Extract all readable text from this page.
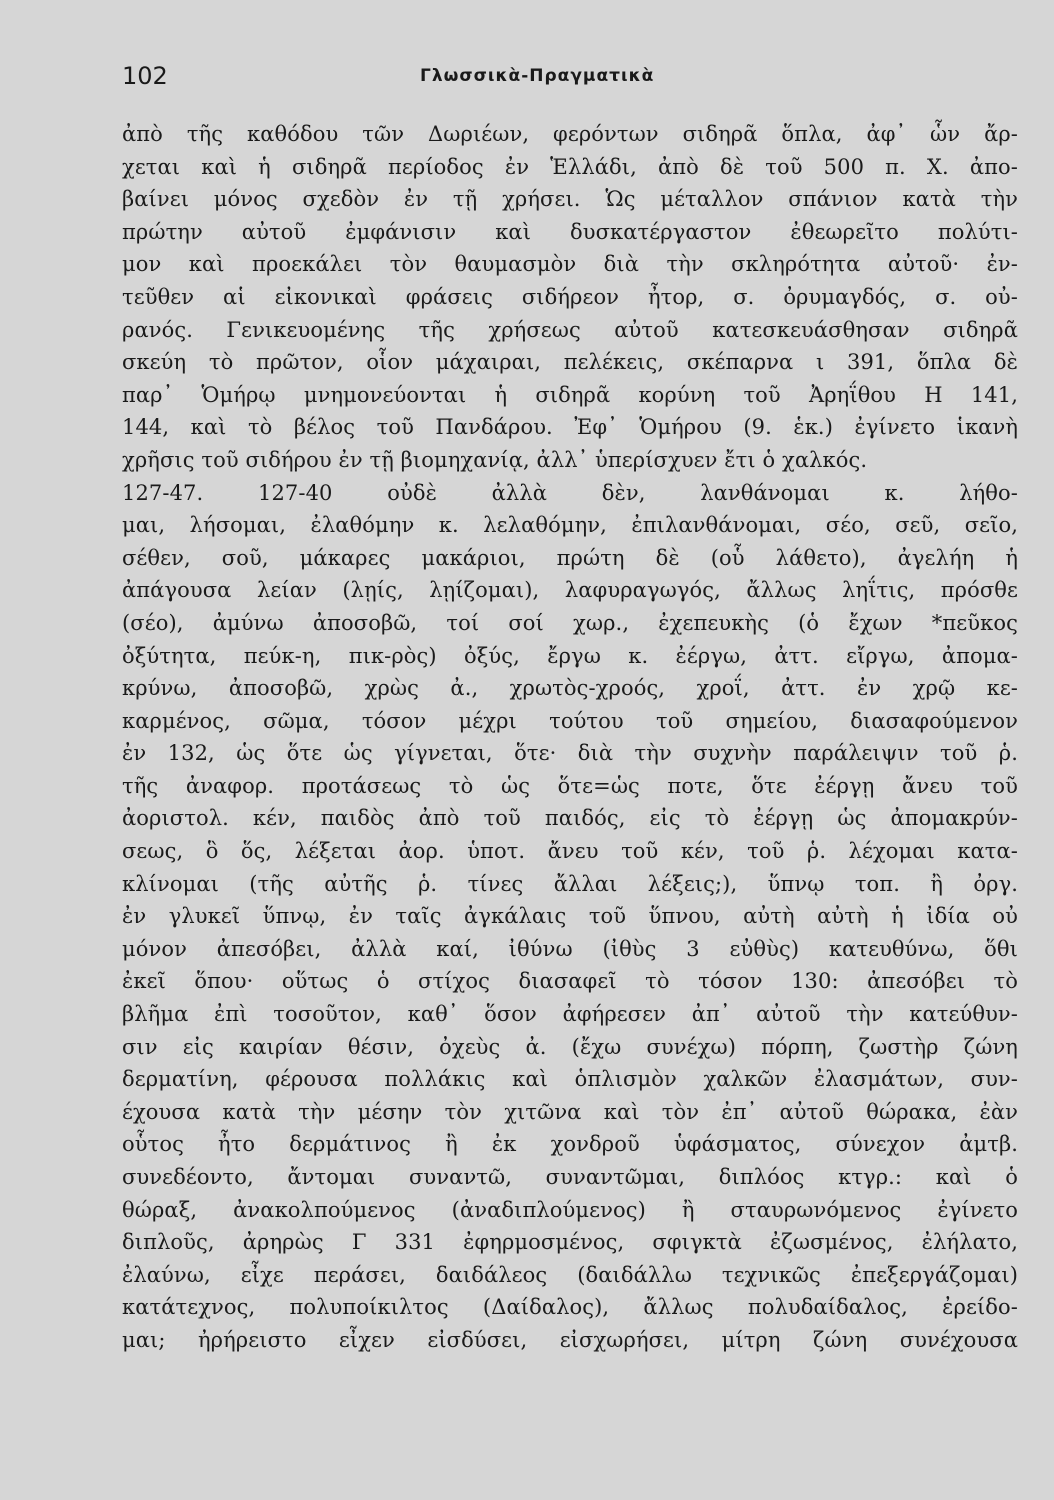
102	Γλωσσικὰ-Πραγματικὰ
ἀπὸ τῆς καθόδου τῶν Δωριέων, φερόντων σιδηρᾶ ὅπλα, ἀφ᾽ ὧν ἄρ-
χεται καὶ ἡ σιδηρᾶ περίοδος ἐν Ἑλλάδι, ἀπὸ δὲ τοῦ 500 π. Χ. ἀπο-
βαίνει μόνος σχεδὸν ἐν τῇ χρήσει. Ὡς μέταλλον σπάνιον κατὰ τὴν
πρώτην αὐτοῦ ἐμφάνισιν καὶ δυσκατέργαστον ἐθεωρεῖτο πολύτι-
μον καὶ προεκάλει τὸν θαυμασμὸν διὰ τὴν σκληρότητα αὐτοῦ· ἐν-
τεῦθεν αἱ εἰκονικαὶ φράσεις σιδήρεον ἦτορ, σ. ὀρυμαγδός, σ. οὐ-
ρανός. Γενικευομένης τῆς χρήσεως αὐτοῦ κατεσκευάσθησαν σιδηρᾶ
σκεύη τὸ πρῶτον, οἷον μάχαιραι, πελέκεις, σκέπαρνα ι 391, ὅπλα δὲ
παρ᾽ Ὁμήρῳ μνημονεύονται ἡ σιδηρᾶ κορύνη τοῦ Ἀρηΐθου Η 141,
144, καὶ τὸ βέλος τοῦ Πανδάρου. Ἐφ᾽ Ὁμήρου (9. ἑκ.) ἐγίνετο ἱκανὴ
χρῆσις τοῦ σιδήρου ἐν τῇ βιομηχανίᾳ, ἀλλ᾽ ὑπερίσχυεν ἔτι ὁ χαλκός.
127-47. 127-40 οὐδὲ ἀλλὰ δὲν, λανθάνομαι κ. λήθο-
μαι, λήσομαι, ἐλαθόμην κ. λελαθόμην, ἐπιλανθάνομαι, σέο, σεῦ, σεῖο,
σέθεν, σοῦ, μάκαρες μακάριοι, πρώτη δὲ (οὗ λάθετο), ἀγελήη ἡ
ἀπάγουσα λείαν (λῃίς, λῃίζομαι), λαφυραγωγός, ἄλλως ληΐτις, πρόσθε
(σέο), ἀμύνω ἀποσοβῶ, τοί σοί χωρ., ἐχεπευκὴς (ὁ ἔχων *πεῦκος
ὀξύτητα, πεύκ-η, πικ-ρὸς) ὀξύς, ἔργω κ. ἐέργω, ἀττ. εἴργω, ἀπομα-
κρύνω, ἀποσοβῶ, χρὼς ἀ., χρωτὸς-χροός, χροΐ, ἀττ. ἐν χρῷ κε-
καρμένος, σῶμα, τόσον μέχρι τούτου τοῦ σημείου, διασαφούμενον
ἐν 132, ὡς ὅτε ὡς γίγνεται, ὅτε· διὰ τὴν συχνὴν παράλειψιν τοῦ ῥ.
τῆς ἀναφορ. προτάσεως τὸ ὡς ὅτε=ὡς ποτε, ὅτε ἐέργῃ ἄνευ τοῦ
ἀοριστολ. κέν, παιδὸς ἀπὸ τοῦ παιδός, εἰς τὸ ἐέργῃ ὡς ἀπομακρύν-
σεως, ὃ ὅς, λέξεται ἀορ. ὑποτ. ἄνευ τοῦ κέν, τοῦ ῥ. λέχομαι κατα-
κλίνομαι (τῆς αὐτῆς ῥ. τίνες ἄλλαι λέξεις;), ὕπνῳ τοπ. ἢ ὀργ.
ἐν γλυκεῖ ὕπνῳ, ἐν ταῖς ἀγκάλαις τοῦ ὕπνου, αὐτὴ αὐτὴ ἡ ἰδία οὐ
μόνον ἀπεσόβει, ἀλλὰ καί, ἰθύνω (ἰθὺς 3 εὐθὺς) κατευθύνω, ὅθι
ἐκεῖ ὅπου· οὕτως ὁ στίχος διασαφεῖ τὸ τόσον 130: ἀπεσόβει τὸ
βλῆμα ἐπὶ τοσοῦτον, καθ᾽ ὅσον ἀφήρεσεν ἀπ᾽ αὐτοῦ τὴν κατεύθυν-
σιν εἰς καιρίαν θέσιν, ὀχεὺς ἀ. (ἔχω συνέχω) πόρπη, ζωστὴρ ζώνη
δερματίνη, φέρουσα πολλάκις καὶ ὁπλισμὸν χαλκῶν ἐλασμάτων, συν-
έχουσα κατὰ τὴν μέσην τὸν χιτῶνα καὶ τὸν ἐπ᾽ αὐτοῦ θώρακα, ἐὰν
οὗτος ἦτο δερμάτινος ἢ ἐκ χονδροῦ ὑφάσματος, σύνεχον ἀμτβ.
συνεδέοντο, ἄντομαι συναντῶ, συναντῶμαι, διπλόος κτγρ.: καὶ ὁ
θώραξ, ἀνακολπούμενος (ἀναδιπλούμενος) ἢ σταυρωνόμενος ἐγίνετο
διπλοῦς, ἀρηρὼς Γ 331 ἐφηρμοσμένος, σφιγκτὰ ἐζωσμένος, ἐλήλατο,
ἐλαύνω, εἶχε περάσει, δαιδάλεος (δαιδάλλω τεχνικῶς ἐπεξεργάζομαι)
κατάτεχνος, πολυποίκιλτος (Δαίδαλος), ἄλλως πολυδαίδαλος, ἐρείδο-
μαι; ἠρήρειστο εἶχεν εἰσδύσει, εἰσχωρήσει, μίτρη ζώνη συνέχουσα
